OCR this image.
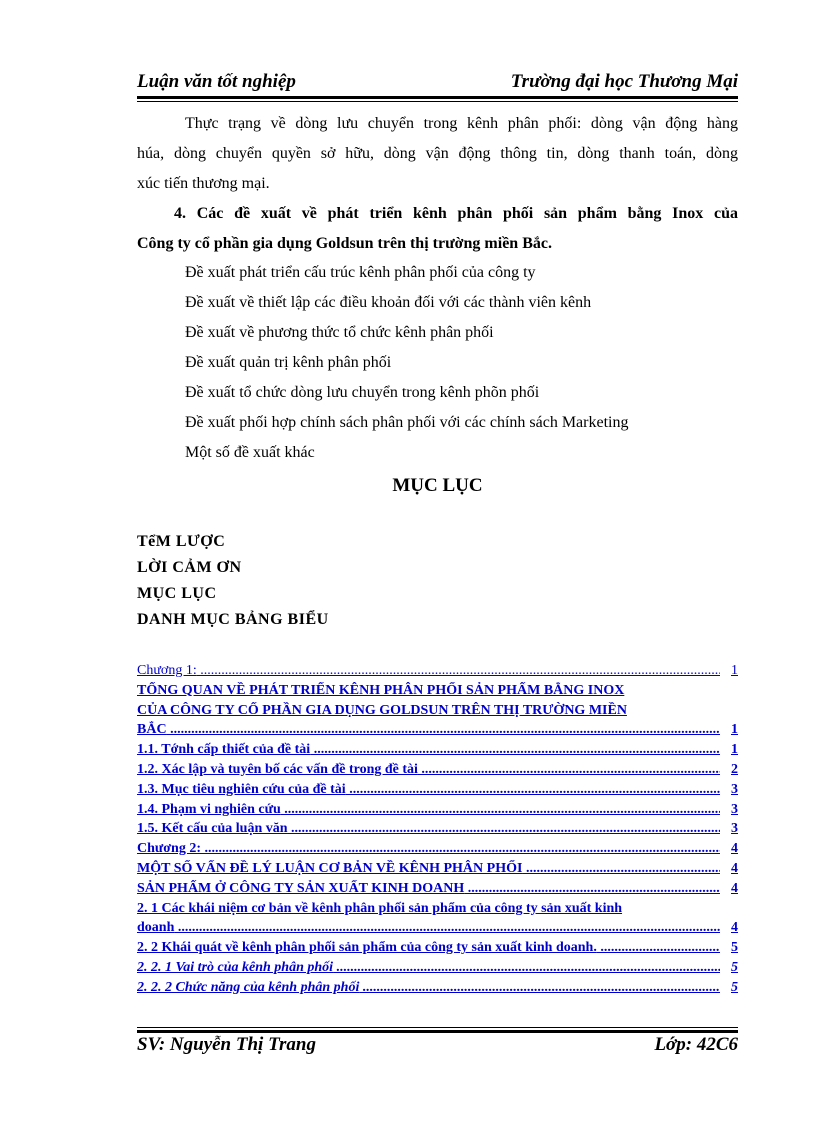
Luận văn tốt nghiệp	Trường đại học Thương Mại
Thực trạng về dòng lưu chuyển trong kênh phân phối: dòng vận động hàng
húa, dòng chuyển quyền sở hữu, dòng vận động thông tin, dòng thanh toán, dòng
xúc tiến thương mại.
4. Các đề xuất về phát triển kênh phân phối sản phẩm bằng Inox của
Công ty cổ phần gia dụng Goldsun trên thị trường miền Bắc.
Đề xuất phát triển cấu trúc kênh phân phối của công ty
Đề xuất về thiết lập các điều khoản đối với các thành viên kênh
Đề xuất về phương thức tổ chức kênh phân phối
Đề xuất quản trị kênh phân phối
Đề xuất tổ chức dòng lưu chuyển trong kênh phõn phối
Đề xuất phối hợp chính sách phân phối với các chính sách Marketing
Một số đề xuất khác
MỤC LỤC
TểM LƯỢC
LỜI CẢM ƠN
MỤC LỤC
DANH MỤC BẢNG BIỂU
Chương 1: .....	1
TỔNG QUAN VỀ PHÁT TRIỂN KÊNH PHÂN PHỐI SẢN PHẨM BẰNG INOX
CỦA CÔNG TY CỔ PHẦN GIA DỤNG GOLDSUN TRÊN THỊ TRƯỜNG MIỀN
BẮC .....	1
1.1. Tớnh cấp thiết của đề tài .....	1
1.2. Xác lập và tuyên bố các vấn đề trong đề tài .....	2
1.3. Mục tiêu nghiên cứu của đề tài .....	3
1.4. Phạm vi nghiên cứu .....	3
1.5. Kết cấu của luận văn .....	3
Chương 2: .....	4
MỘT SỐ VẤN ĐỀ LÝ LUẬN CƠ BẢN VỀ KÊNH PHÂN PHỐI .....	4
SẢN PHẨM Ở CÔNG TY SẢN XUẤT KINH DOANH .....	4
2. 1 Các khái niệm cơ bản về kênh phân phối sản phẩm của công ty sản xuất kinh
doanh .....	4
2. 2 Khái quát về kênh phân phối sản phẩm của công ty sản xuất kinh doanh. .....	5
2. 2. 1 Vai trò của kênh phân phối .....	5
2. 2. 2 Chức năng của kênh phân phối .....	5
SV: Nguyễn Thị Trang	Lớp: 42C6
